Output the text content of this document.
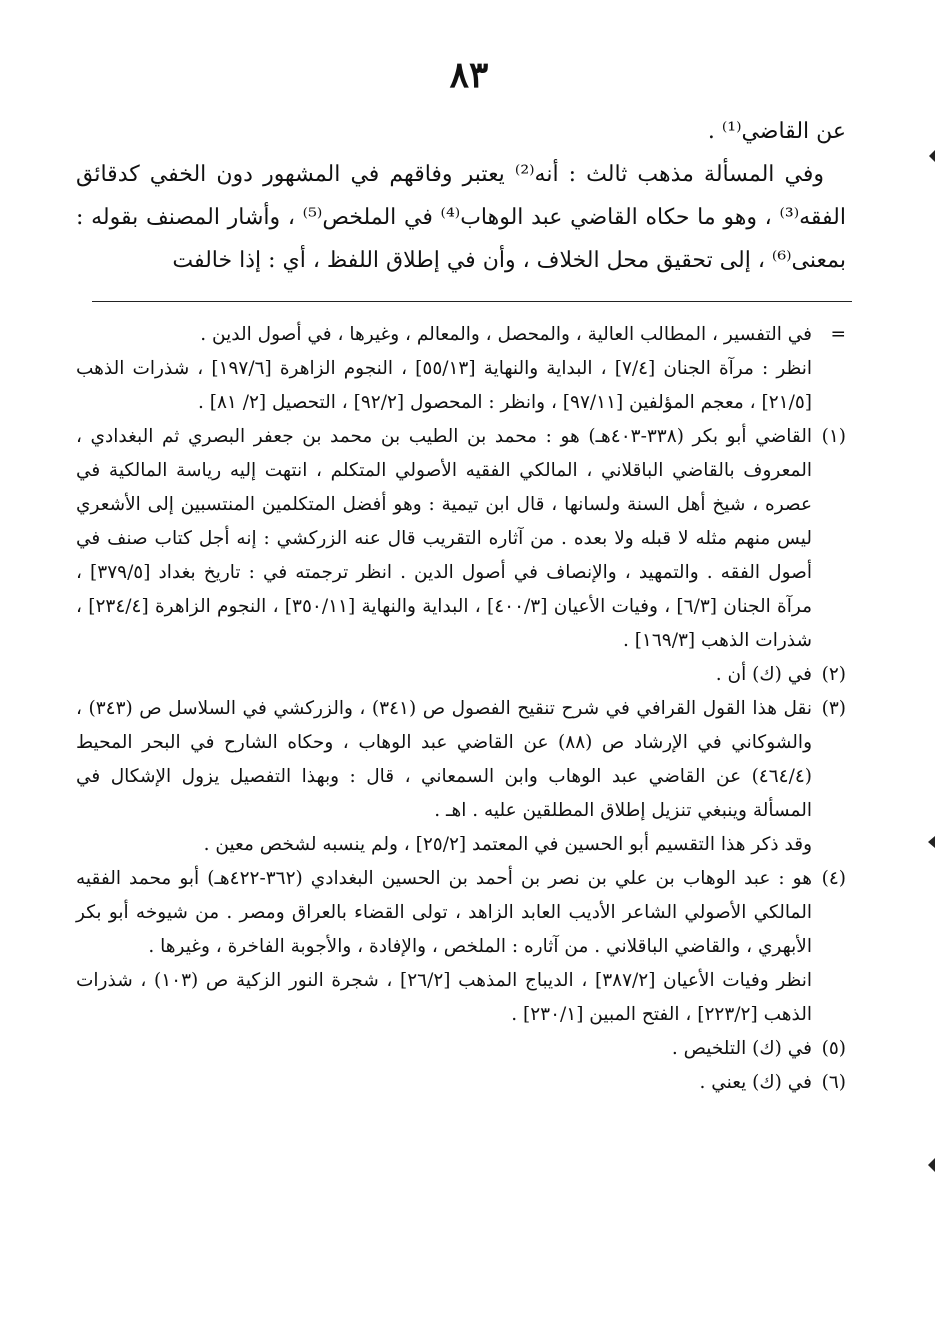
٨٣

عن القاضي⁽¹⁾ .

وفي المسألة مذهب ثالث : أنه⁽²⁾ يعتبر وفاقهم في المشهور دون الخفي كدقائق الفقه⁽³⁾ ، وهو ما حكاه القاضي عبد الوهاب⁽⁴⁾ في الملخص⁽⁵⁾ ، وأشار المصنف بقوله : بمعنى⁽⁶⁾ ، إلى تحقيق محل الخلاف ، وأن في إطلاق اللفظ ، أي : إذا خالفت

=

في التفسير ، المطالب العالية ، والمحصل ، والمعالم ، وغيرها ، في أصول الدين .

انظر : مرآة الجنان [٧/٤] ، البداية والنهاية [٥٥/١٣] ، النجوم الزاهرة [١٩٧/٦] ، شذرات الذهب [٢١/٥] ، معجم المؤلفين [٩٧/١١] ، وانظر : المحصول [٩٢/٢] ، التحصيل [٢/ ٨١] .

(١)

القاضي أبو بكر (٣٣٨-٤٠٣هـ) هو : محمد بن الطيب بن محمد بن جعفر البصري ثم البغدادي ، المعروف بالقاضي الباقلاني ، المالكي الفقيه الأصولي المتكلم ، انتهت إليه رياسة المالكية في عصره ، شيخ أهل السنة ولسانها ، قال ابن تيمية : وهو أفضل المتكلمين المنتسبين إلى الأشعري ليس منهم مثله لا قبله ولا بعده . من آثاره التقريب قال عنه الزركشي : إنه أجل كتاب صنف في أصول الفقه . والتمهيد ، والإنصاف في أصول الدين . انظر ترجمته في : تاريخ بغداد [٣٧٩/٥] ، مرآة الجنان [٦/٣] ، وفيات الأعيان [٤٠٠/٣] ، البداية والنهاية [٣٥٠/١١] ، النجوم الزاهرة [٢٣٤/٤] ، شذرات الذهب [١٦٩/٣] .

(٢)

في (ك) أن .

(٣)

نقل هذا القول القرافي في شرح تنقيح الفصول ص (٣٤١) ، والزركشي في السلاسل ص (٣٤٣) ، والشوكاني في الإرشاد ص (٨٨) عن القاضي عبد الوهاب ، وحكاه الشارح في البحر المحيط (٤٦٤/٤) عن القاضي عبد الوهاب وابن السمعاني ، قال : وبهذا التفصيل يزول الإشكال في المسألة وينبغي تنزيل إطلاق المطلقين عليه . اهـ .

وقد ذكر هذا التقسيم أبو الحسين في المعتمد [٢٥/٢] ، ولم ينسبه لشخص معين .

(٤)

هو : عبد الوهاب بن علي بن نصر بن أحمد بن الحسين البغدادي (٣٦٢-٤٢٢هـ) أبو محمد الفقيه المالكي الأصولي الشاعر الأديب العابد الزاهد ، تولى القضاء بالعراق ومصر . من شيوخه أبو بكر الأبهري ، والقاضي الباقلاني . من آثاره : الملخص ، والإفادة ، والأجوبة الفاخرة ، وغيرها .

انظر وفيات الأعيان [٣٨٧/٢] ، الديباج المذهب [٢٦/٢] ، شجرة النور الزكية ص (١٠٣) ، شذرات الذهب [٢٢٣/٢] ، الفتح المبين [٢٣٠/١] .

(٥)

في (ك) التلخيص .

(٦)

في (ك) يعني .
